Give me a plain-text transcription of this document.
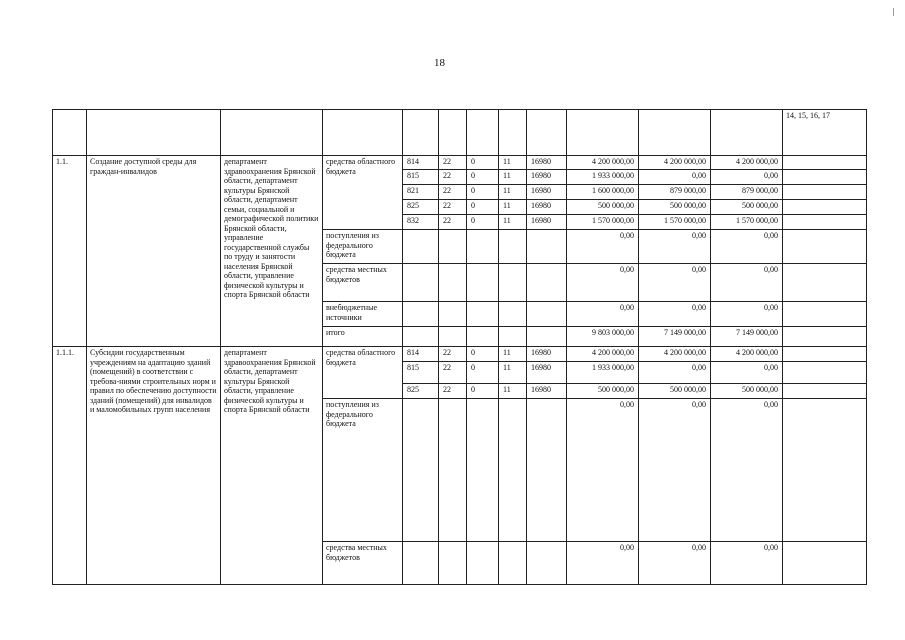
18
												14, 15, 16, 17
1.1.	Создание доступной среды для граждан-инвалидов	департамент здравоохранения Брянской области, департамент культуры Брянской области, департамент семьи, социальной и демографической политики Брянской области, управление государственной службы по труду и занятости населения Брянской области, управление физической культуры и спорта Брянской области	средства областного бюджета	814	22	0	11	16980	4 200 000,00	4 200 000,00	4 200 000,00	
				815	22	0	11	16980	1 933 000,00	0,00	0,00	
				821	22	0	11	16980	1 600 000,00	879 000,00	879 000,00	
				825	22	0	11	16980	500 000,00	500 000,00	500 000,00	
				832	22	0	11	16980	1 570 000,00	1 570 000,00	1 570 000,00	
			поступления из федерального бюджета						0,00	0,00	0,00	
			средства местных бюджетов						0,00	0,00	0,00	
			внебюджетные источники						0,00	0,00	0,00	
			итого						9 803 000,00	7 149 000,00	7 149 000,00	
1.1.1.	Субсидии государственным учреждениям на адаптацию зданий (помещений) в соответствии с требова-ниями строительных норм и правил по обеспечению доступности зданий (помещений) для инвалидов и маломобильных групп населения	департамент здравоохранения Брянской области, департамент культуры Брянской области, управление физической культуры и спорта Брянской области	средства областного бюджета	814	22	0	11	16980	4 200 000,00	4 200 000,00	4 200 000,00	
				815	22	0	11	16980	1 933 000,00	0,00	0,00	
				825	22	0	11	16980	500 000,00	500 000,00	500 000,00	
			поступления из федерального бюджета						0,00	0,00	0,00	
			средства местных бюджетов						0,00	0,00	0,00	
